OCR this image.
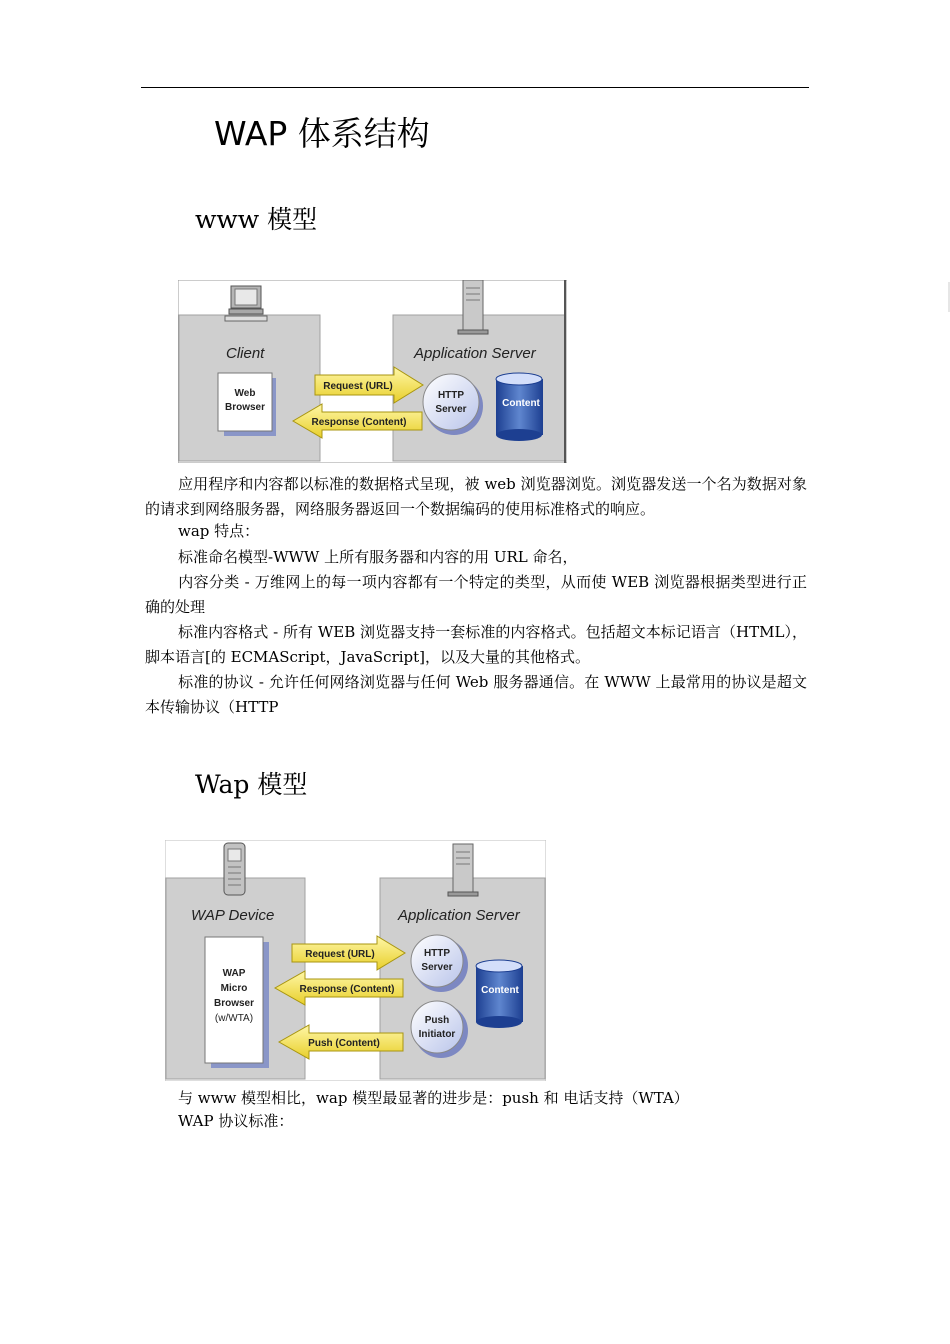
WAP 体系结构
www 模型
Client	Application Server
Web
Browser
Request (URL)
Response (Content)
HTTP
Server
Content
应用程序和内容都以标准的数据格式呈现，被 web 浏览器浏览。浏览器发送一个名为数据对象的请求到网络服务器，网络服务器返回一个数据编码的使用标准格式的响应。
wap 特点：
标准命名模型-WWW 上所有服务器和内容的用 URL 命名，
内容分类 - 万维网上的每一项内容都有一个特定的类型，从而使 WEB 浏览器根据类型进行正确的处理
标准内容格式 - 所有 WEB 浏览器支持一套标准的内容格式。包括超文本标记语言（HTML），脚本语言[的 ECMAScript，JavaScript]，以及大量的其他格式。
标准的协议 - 允许任何网络浏览器与任何 Web 服务器通信。在 WWW 上最常用的协议是超文本传输协议（HTTP
Wap 模型
WAP Device	Application Server
WAP
Micro
Browser
(w/WTA)
Request (URL)
Response (Content)
Push (Content)
HTTP
Server
Push
Initiator
Content
与 www 模型相比，wap 模型最显著的进步是：push 和 电话支持（WTA）
WAP 协议标准：
